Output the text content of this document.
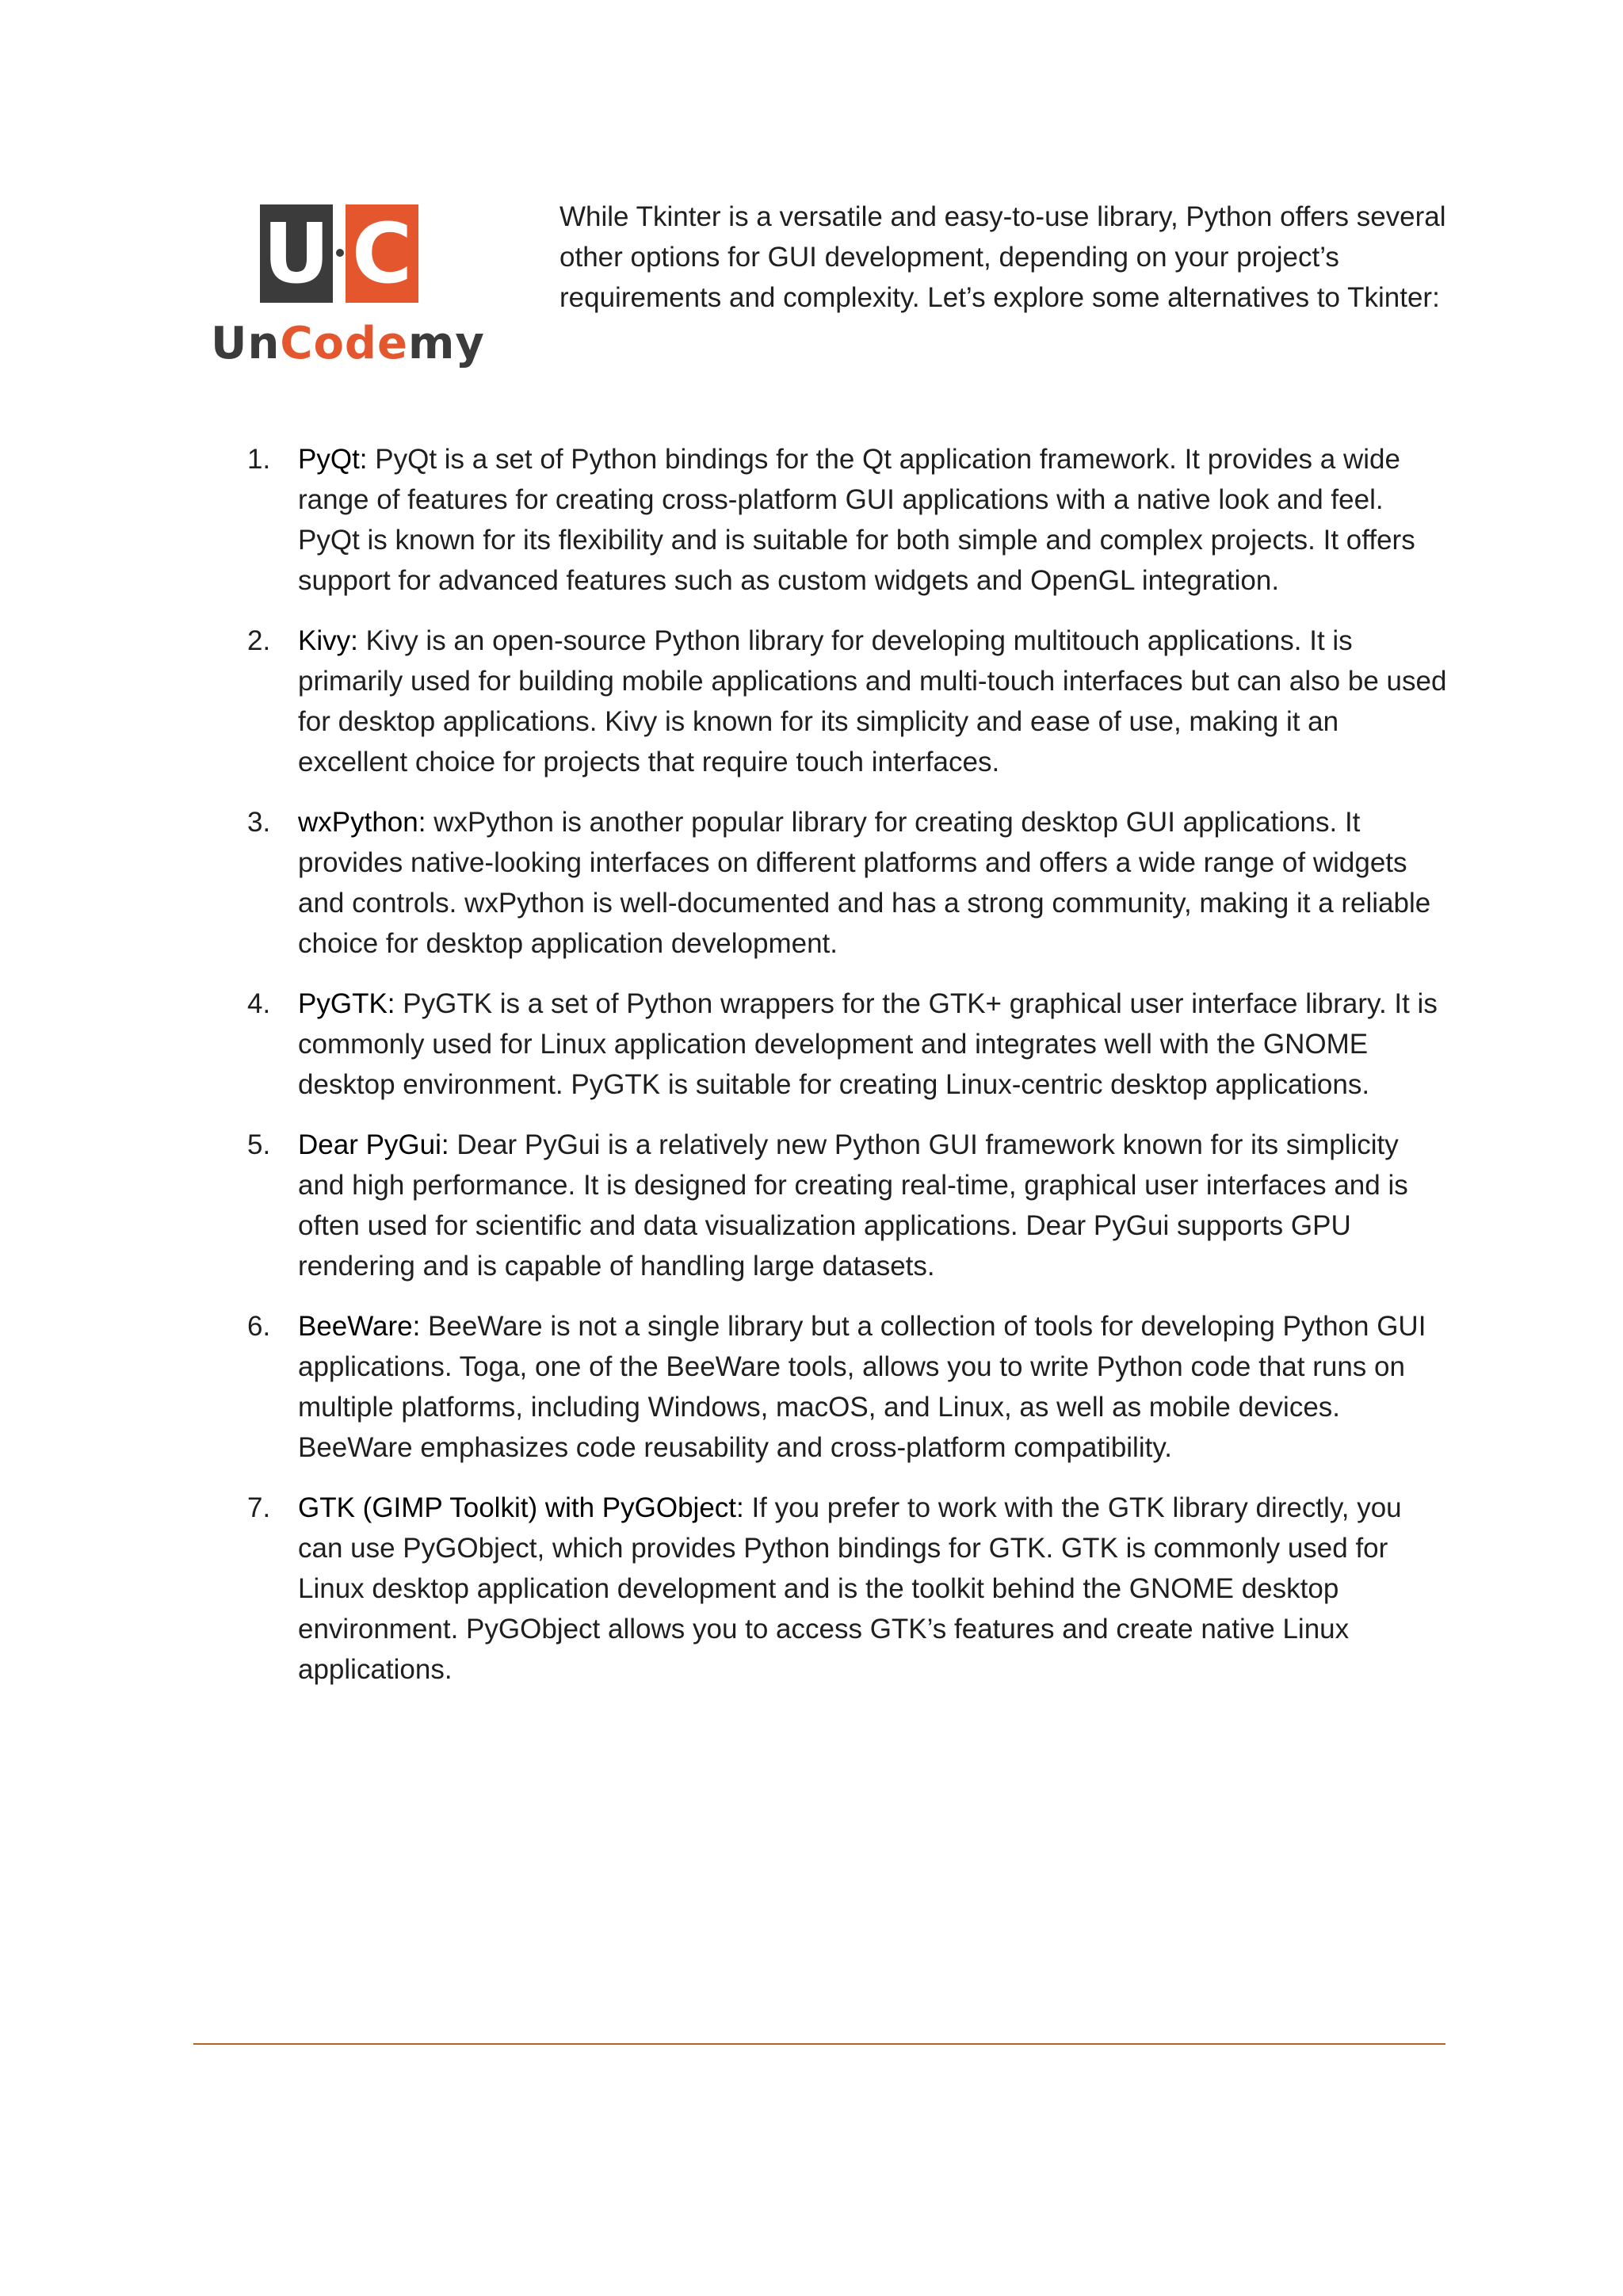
U C
UnCodemy

While Tkinter is a versatile and easy-to-use library, Python offers several other options for GUI development, depending on your project’s requirements and complexity. Let’s explore some alternatives to Tkinter:

1. PyQt: PyQt is a set of Python bindings for the Qt application framework. It provides a wide range of features for creating cross-platform GUI applications with a native look and feel. PyQt is known for its flexibility and is suitable for both simple and complex projects. It offers support for advanced features such as custom widgets and OpenGL integration.
2. Kivy: Kivy is an open-source Python library for developing multitouch applications. It is primarily used for building mobile applications and multi-touch interfaces but can also be used for desktop applications. Kivy is known for its simplicity and ease of use, making it an excellent choice for projects that require touch interfaces.
3. wxPython: wxPython is another popular library for creating desktop GUI applications. It provides native-looking interfaces on different platforms and offers a wide range of widgets and controls. wxPython is well-documented and has a strong community, making it a reliable choice for desktop application development.
4. PyGTK: PyGTK is a set of Python wrappers for the GTK+ graphical user interface library. It is commonly used for Linux application development and integrates well with the GNOME desktop environment. PyGTK is suitable for creating Linux-centric desktop applications.
5. Dear PyGui: Dear PyGui is a relatively new Python GUI framework known for its simplicity and high performance. It is designed for creating real-time, graphical user interfaces and is often used for scientific and data visualization applications. Dear PyGui supports GPU rendering and is capable of handling large datasets.
6. BeeWare: BeeWare is not a single library but a collection of tools for developing Python GUI applications. Toga, one of the BeeWare tools, allows you to write Python code that runs on multiple platforms, including Windows, macOS, and Linux, as well as mobile devices. BeeWare emphasizes code reusability and cross-platform compatibility.
7. GTK (GIMP Toolkit) with PyGObject: If you prefer to work with the GTK library directly, you can use PyGObject, which provides Python bindings for GTK. GTK is commonly used for Linux desktop application development and is the toolkit behind the GNOME desktop environment. PyGObject allows you to access GTK’s features and create native Linux applications.
